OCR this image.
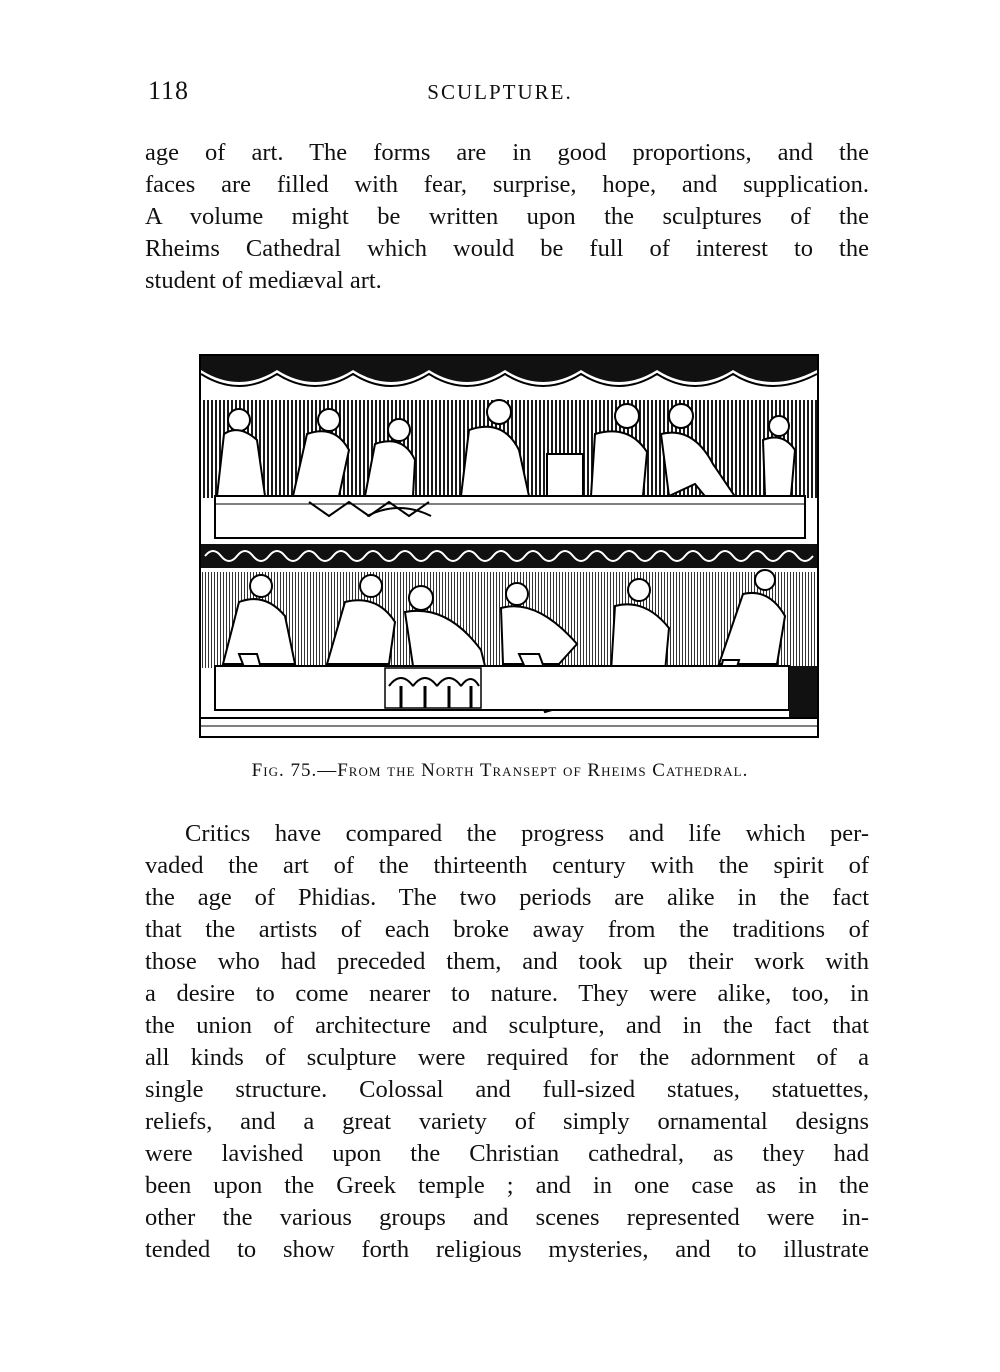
118	SCULPTURE.
age of art. The forms are in good proportions, and the
faces are filled with fear, surprise, hope, and supplication.
A volume might be written upon the sculptures of the
Rheims Cathedral which would be full of interest to the
student of mediæval art.
Fig. 75.—From the North Transept of Rheims Cathedral.
Critics have compared the progress and life which per-
vaded the art of the thirteenth century with the spirit of
the age of Phidias. The two periods are alike in the fact
that the artists of each broke away from the traditions of
those who had preceded them, and took up their work with
a desire to come nearer to nature. They were alike, too, in
the union of architecture and sculpture, and in the fact that
all kinds of sculpture were required for the adornment of a
single structure. Colossal and full-sized statues, statuettes,
reliefs, and a great variety of simply ornamental designs
were lavished upon the Christian cathedral, as they had
been upon the Greek temple ; and in one case as in the
other the various groups and scenes represented were in-
tended to show forth religious mysteries, and to illustrate
